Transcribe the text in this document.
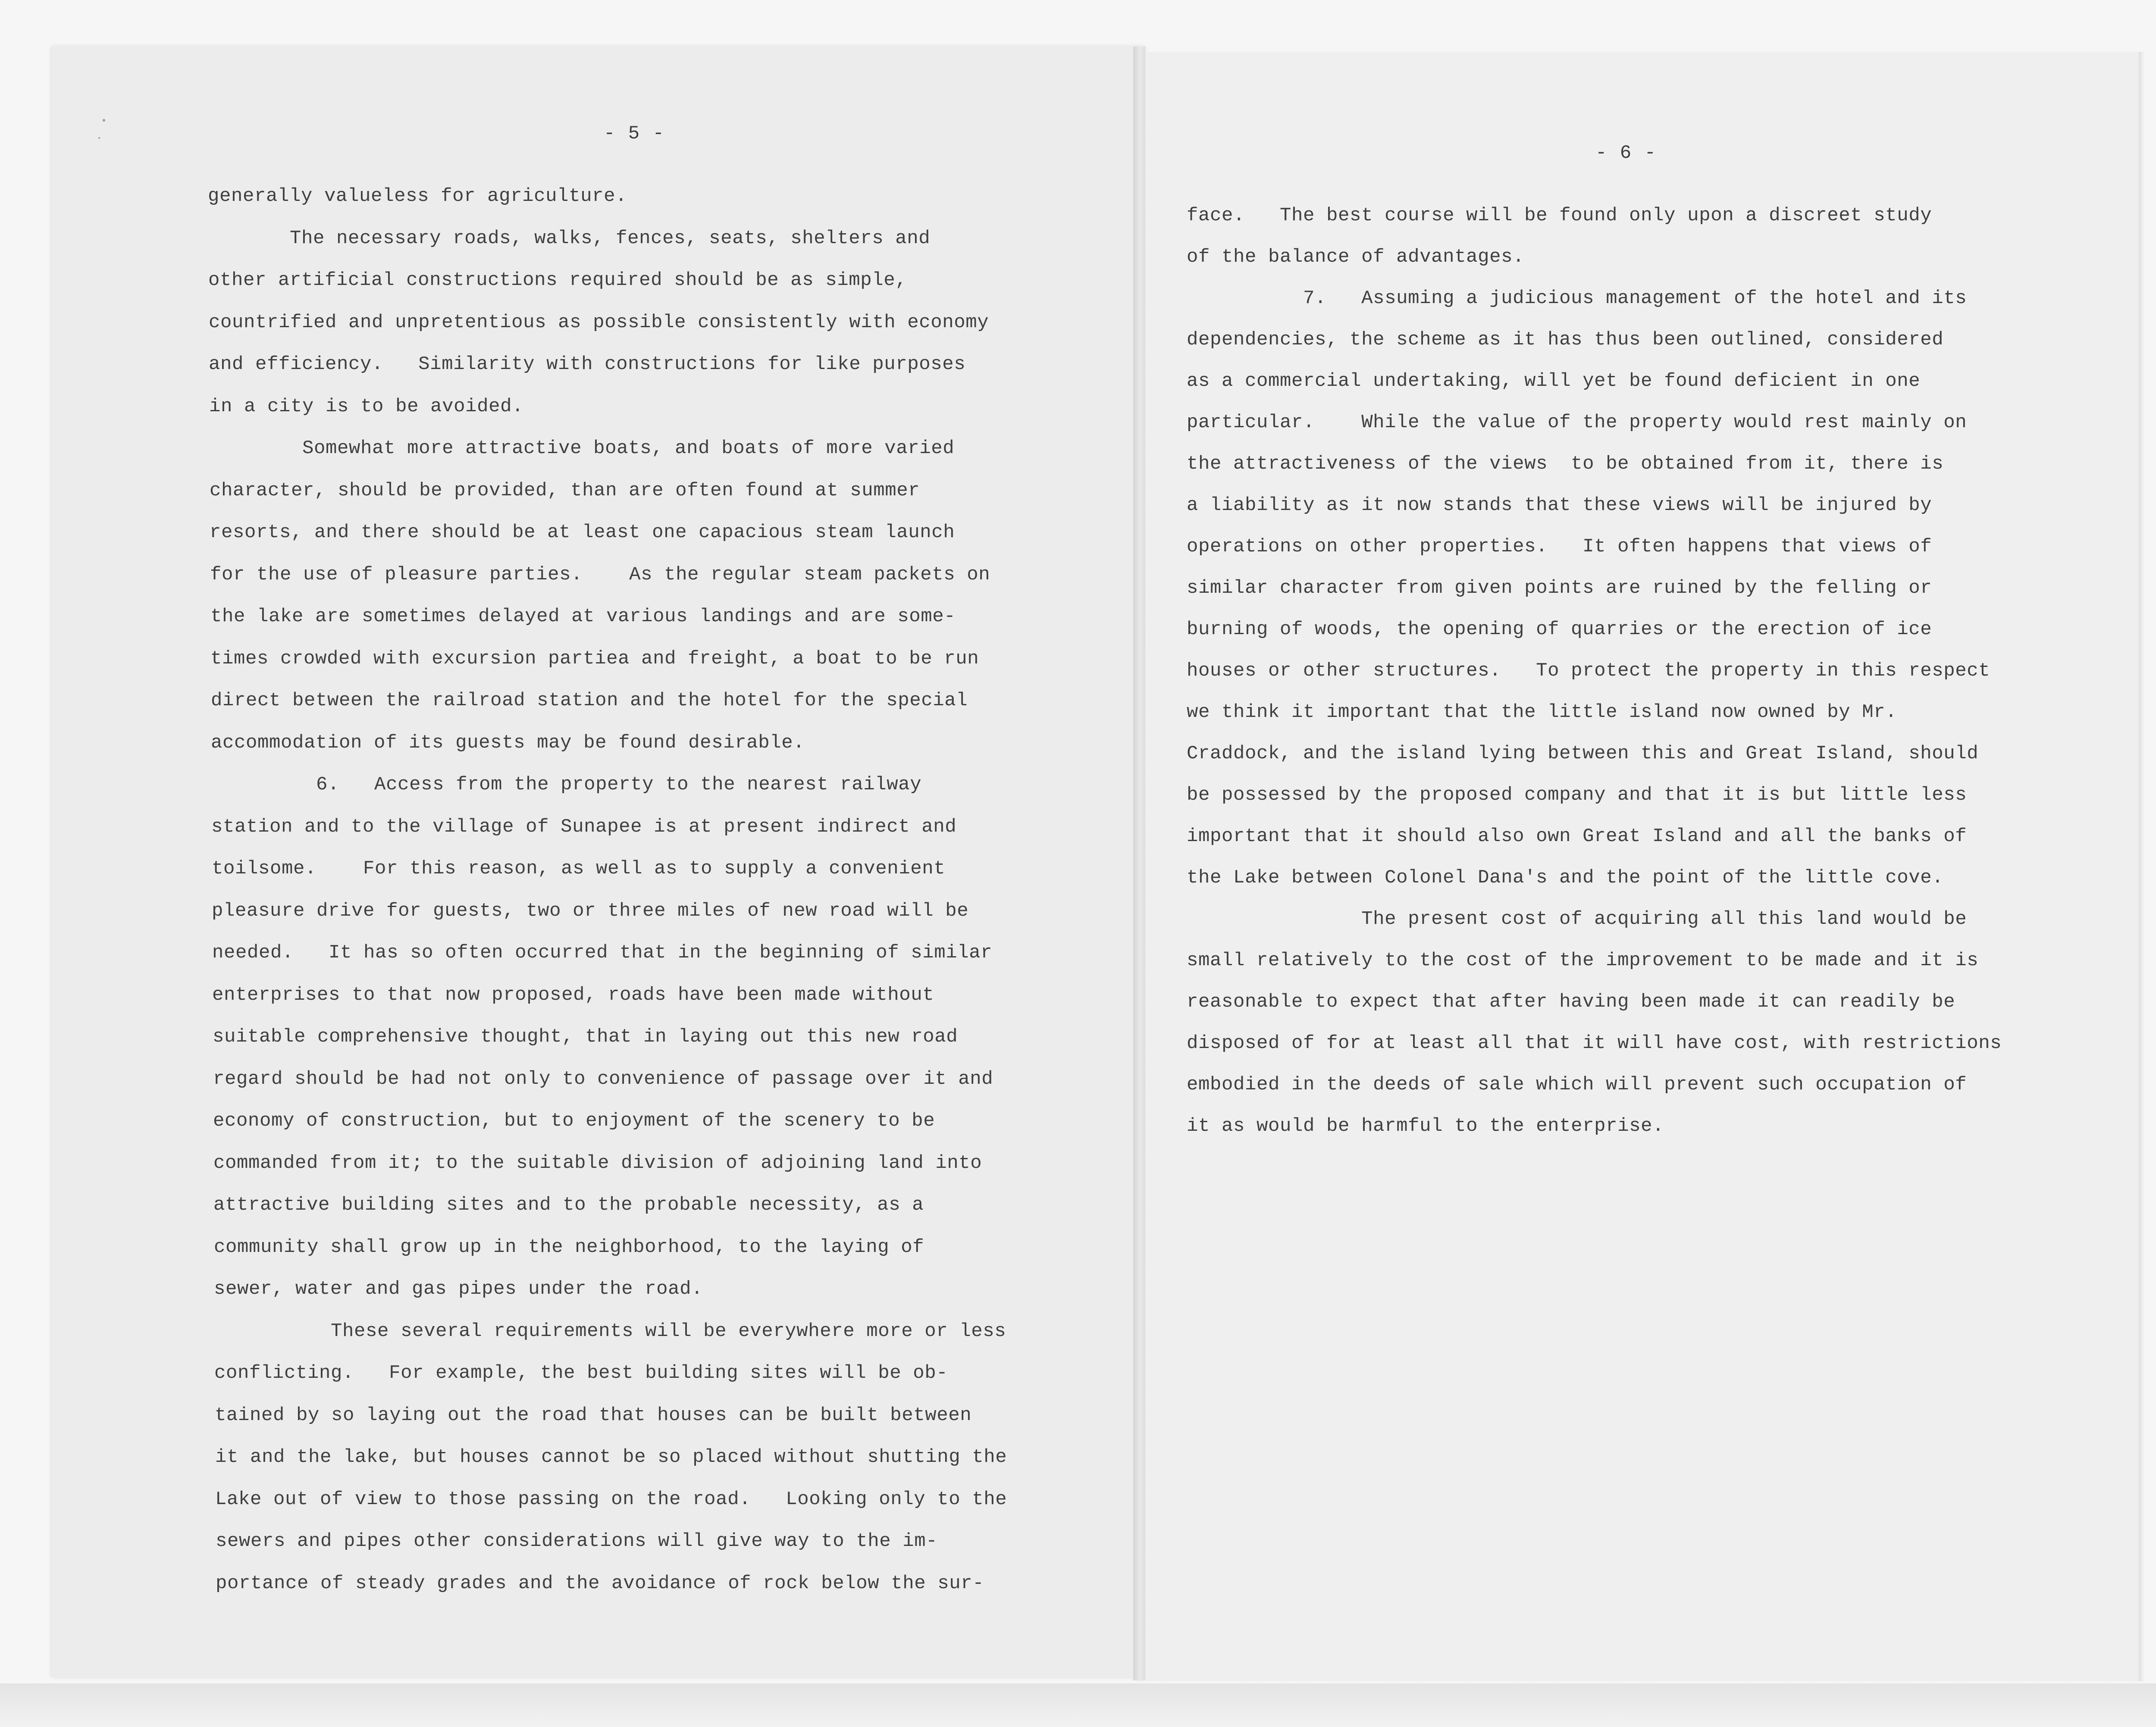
- 5 -
- 6 -
generally valueless for agriculture.
The necessary roads, walks, fences, seats, shelters and
other artificial constructions required should be as simple,
countrified and unpretentious as possible consistently with economy
and efficiency.   Similarity with constructions for like purposes
in a city is to be avoided.
Somewhat more attractive boats, and boats of more varied
character, should be provided, than are often found at summer
resorts, and there should be at least one capacious steam launch
for the use of pleasure parties.    As the regular steam packets on
the lake are sometimes delayed at various landings and are some-
times crowded with excursion partiea and freight, a boat to be run
direct between the railroad station and the hotel for the special
accommodation of its guests may be found desirable.
6.   Access from the property to the nearest railway
station and to the village of Sunapee is at present indirect and
toilsome.    For this reason, as well as to supply a convenient
pleasure drive for guests, two or three miles of new road will be
needed.   It has so often occurred that in the beginning of similar
enterprises to that now proposed, roads have been made without
suitable comprehensive thought, that in laying out this new road
regard should be had not only to convenience of passage over it and
economy of construction, but to enjoyment of the scenery to be
commanded from it; to the suitable division of adjoining land into
attractive building sites and to the probable necessity, as a
community shall grow up in the neighborhood, to the laying of
sewer, water and gas pipes under the road.
These several requirements will be everywhere more or less
conflicting.   For example, the best building sites will be ob-
tained by so laying out the road that houses can be built between
it and the lake, but houses cannot be so placed without shutting the
Lake out of view to those passing on the road.   Looking only to the
sewers and pipes other considerations will give way to the im-
portance of steady grades and the avoidance of rock below the sur-
face.   The best course will be found only upon a discreet study
of the balance of advantages.
7.   Assuming a judicious management of the hotel and its
dependencies, the scheme as it has thus been outlined, considered
as a commercial undertaking, will yet be found deficient in one
particular.    While the value of the property would rest mainly on
the attractiveness of the views  to be obtained from it, there is
a liability as it now stands that these views will be injured by
operations on other properties.   It often happens that views of
similar character from given points are ruined by the felling or
burning of woods, the opening of quarries or the erection of ice
houses or other structures.   To protect the property in this respect
we think it important that the little island now owned by Mr.
Craddock, and the island lying between this and Great Island, should
be possessed by the proposed company and that it is but little less
important that it should also own Great Island and all the banks of
the Lake between Colonel Dana's and the point of the little cove.
The present cost of acquiring all this land would be
small relatively to the cost of the improvement to be made and it is
reasonable to expect that after having been made it can readily be
disposed of for at least all that it will have cost, with restrictions
embodied in the deeds of sale which will prevent such occupation of
it as would be harmful to the enterprise.
